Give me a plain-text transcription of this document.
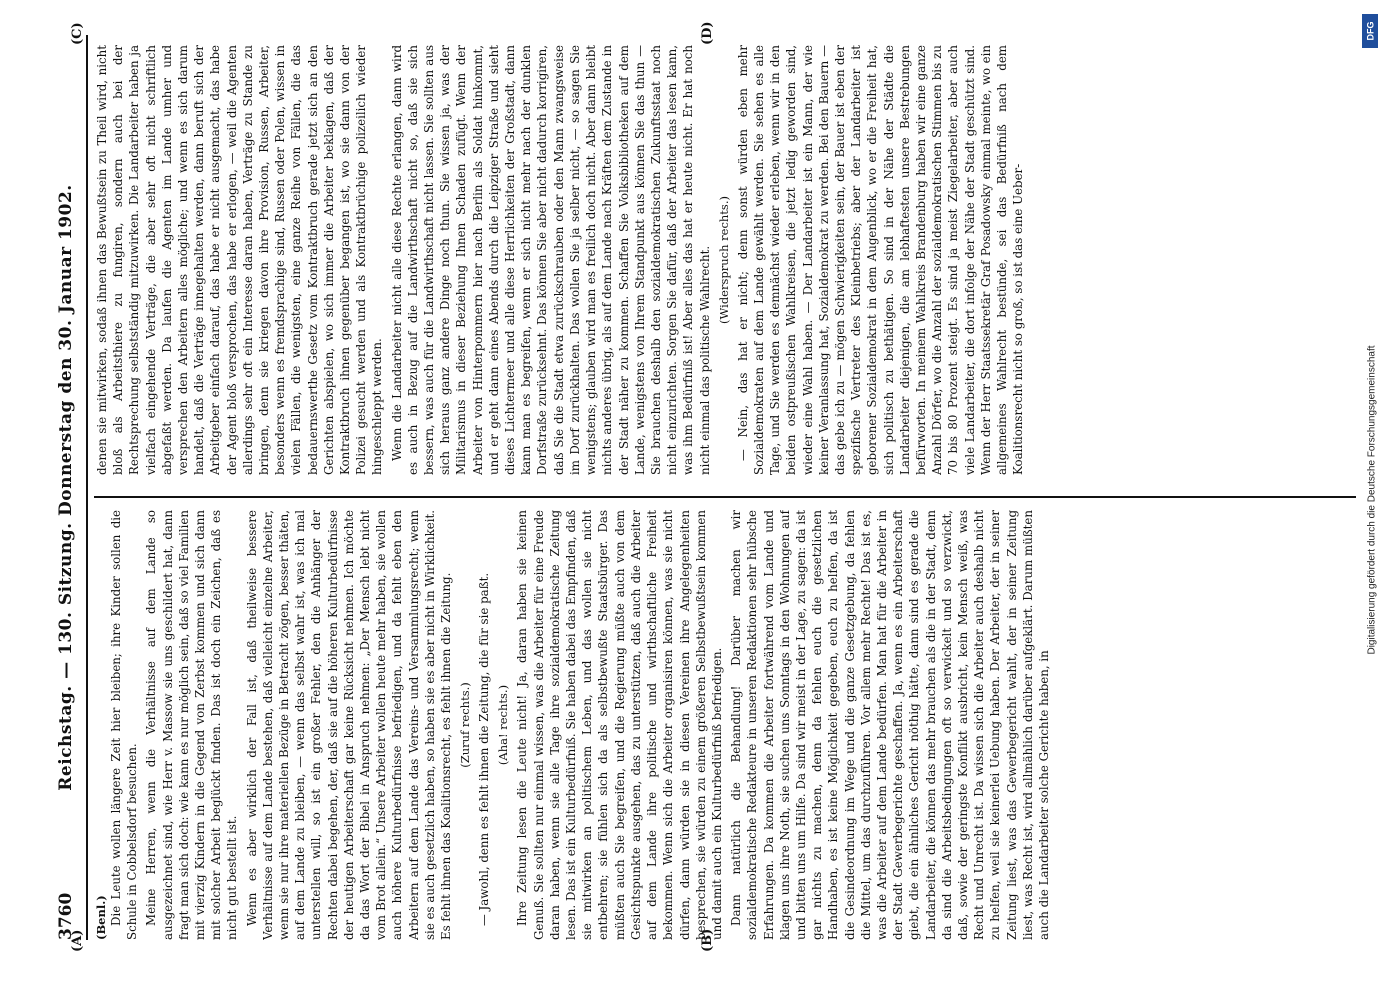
3760
Reichstag. — 130. Sitzung. Donnerstag den 30. Januar 1902.
(Benl.) Die Leute wollen längere Zeit hier bleiben; ihre Kinder sollen die Schule in Cobbelsdorf besuchen. Meine Herren, wenn die Verhältnisse auf dem Lande so ausgezeichnet sind, wie Herr v. Massow sie uns geschildert hat, dann fragt man sich doch: wie kann es nur möglich sein, daß so viel Familien mit vierzig Kindern in die Gegend von Zerbst kommen und sich dann mit solcher Arbeit beglückt finden. Das ist doch ein Zeichen, daß es nicht gut bestellt ist. Wenn es aber wirklich der Fall ist, daß theilweise bessere Verhältnisse auf dem Lande bestehen, daß vielleicht einzelne Arbeiter, wenn sie nur ihre materiellen Bezüge in Betracht zögen, besser thäten, auf dem Lande zu bleiben, — wenn das selbst wahr ist, was ich mal unterstellen will, so ist ein großer Fehler, den die Anhänger der Rechten dabei begehen, der, daß sie auf die höheren Kulturbedürfnisse der heutigen Arbeiterschaft gar keine Rücksicht nehmen. Ich möchte da das Wort der Bibel in Anspruch nehmen: „Der Mensch lebt nicht vom Brot allein.“ Unsere Arbeiter wollen heute mehr haben, sie wollen auch höhere Kulturbedürfnisse befriedigen, und da fehlt eben den Arbeitern auf dem Lande das Vereins- und Versammlungsrecht; wenn sie es auch gesetzlich haben, so haben sie es aber nicht in Wirklichkeit. Es fehlt ihnen das Koalitionsrecht, es fehlt ihnen die Zeitung. (Zuruf rechts.) — Jawohl, denn es fehlt ihnen die Zeitung, die für sie paßt. (Aha! rechts.) Ihre Zeitung lesen die Leute nicht! Ja, daran haben sie keinen Genuß. Sie sollten nur einmal wissen, was die Arbeiter für eine Freude daran haben, wenn sie alle Tage ihre sozialdemokratische Zeitung lesen. Das ist ein Kulturbedürfniß. Sie haben dabei das Empfinden, daß sie mitwirken an politischem Leben, und das wollen sie nicht entbehren; sie fühlen sich da als selbstbewußte Staatsbürger. Das müßten auch Sie begreifen, und die Regierung müßte auch von dem Gesichtspunkte ausgehen, das zu unterstützen, daß auch die Arbeiter auf dem Lande ihre politische und wirthschaftliche Freiheit bekommen. Wenn sich die Arbeiter organisiren können, was sie nicht dürfen, dann würden sie in diesen Vereinen ihre Angelegenheiten besprechen, sie würden zu einem größeren Selbstbewußtsein kommen und damit auch ein Kulturbedürfniß befriedigen. Dann natürlich die Behandlung! Darüber machen wir sozialdemokratische Redakteure in unseren Redaktionen sehr hübsche Erfahrungen. Da kommen die Arbeiter fortwährend vom Lande und klagen uns ihre Noth, sie suchen uns Sonntags in den Wohnungen auf und bitten uns um Hilfe. Da sind wir meist in der Lage, zu sagen: da ist gar nichts zu machen, denn da fehlen euch die gesetzlichen Handhaben, es ist keine Möglichkeit gegeben, euch zu helfen, da ist die Gesindeordnung im Wege und die ganze Gesetzgebung, da fehlen die Mittel, um das durchzuführen. Vor allem mehr Rechte! Das ist es, was die Arbeiter auf dem Lande bedürfen. Man hat für die Arbeiter in der Stadt Gewerbegerichte geschaffen. Ja, wenn es ein Arbeiterschaft giebt, die ein ähnliches Gericht nöthig hätte, dann sind es gerade die Landarbeiter, die können das mehr brauchen als die in der Stadt, denn da sind die Arbeitsbedingungen oft so verwickelt und so verzwickt, daß, sowie der geringste Konflikt ausbricht, kein Mensch weiß, was Recht und Unrecht ist. Da wissen sich die Arbeiter auch deshalb nicht zu helfen, weil sie keinerlei Uebung haben. Der Arbeiter, der in seiner Zeitung liest, was das Gewerbegericht wahlt, der in seiner Zeitung liest, was Recht ist, wird allmählich darüber aufgeklärt. Darum müßten auch die Landarbeiter solche Gerichte haben, in

denen sie mitwirken, sodaß ihnen das Bewußtsein zu Theil wird, nicht bloß als Arbeitsthiere zu fungiren, sondern auch bei der Rechtsprechung selbstständig mitzuwirken. Die Landarbeiter haben ja vielfach eingehende Verträge, die aber sehr oft nicht schriftlich abgefaßt werden. Da laufen die Agenten im Lande umher und versprechen den Arbeitern alles mögliche; und wenn es sich darum handelt, daß die Verträge innegehalten werden, dann beruft sich der Arbeitgeber einfach darauf, das habe er nicht ausgemacht, das habe der Agent bloß versprochen, das habe er erlogen, — weil die Agenten allerdings sehr oft ein Interesse daran haben, Verträge zu Stande zu bringen, denn sie kriegen davon ihre Provision, Russen, Arbeiter, besonders wenn es fremdsprachige sind, Russen oder Polen, wissen in vielen Fällen, die wenigsten, eine ganze Reihe von Fällen, die das bedauernswerthe Gesetz vom Kontraktbruch gerade jetzt sich an den Gerichten abspielen, wo sich immer die Arbeiter beklagen, daß der Kontraktbruch ihnen gegenüber begangen ist, wo sie dann von der Polizei gesucht werden und als Kontraktbrüchige polizeilich wieder hingeschleppt werden. Wenn die Landarbeiter nicht alle diese Rechte erlangen, dann wird es auch in Bezug auf die Landwirthschaft nicht so, daß sie sich bessern, was auch für die Landwirthschaft nicht lassen. Sie sollten aus sich heraus ganz andere Dinge noch thun. Sie wissen ja, was der Militarismus in dieser Beziehung Ihnen Schaden zufügt. Wenn der Arbeiter von Hinterpommern hier nach Berlin als Soldat hinkommt, und er geht dann eines Abends durch die Leipziger Straße und sieht dieses Lichtermeer und alle diese Herrlichkeiten der Großstadt, dann kann man es begreifen, wenn er sich nicht mehr nach der dunklen Dorfstraße zurücksehnt. Das können Sie aber nicht dadurch korrigiren, daß Sie die Stadt etwa zurückschrauben oder den Mann zwangsweise im Dorf zurückhalten. Das wollen Sie ja selber nicht, — so sagen Sie wenigstens; glauben wird man es freilich doch nicht. Aber dann bleibt nichts anderes übrig, als auf dem Lande nach Kräften dem Zustande in der Stadt näher zu kommen. Schaffen Sie Volksbibliotheken auf dem Lande, wenigstens von Ihrem Standpunkt aus können Sie das thun — Sie brauchen deshalb den sozialdemokratischen Zukunftsstaat noch nicht einzurichten. Sorgen Sie dafür, daß der Arbeiter das lesen kann, was ihm Bedürfniß ist! Aber alles das hat er heute nicht. Er hat noch nicht einmal das politische Wahlrecht. (Widerspruch rechts.) — Nein, das hat er nicht; denn sonst würden eben mehr Sozialdemokraten auf dem Lande gewählt werden. Sie sehen es alle Tage, und Sie werden es demnächst wieder erleben, wenn wir in den beiden ostpreußischen Wahlkreisen, die jetzt ledig geworden sind, wieder eine Wahl haben. — Der Landarbeiter ist ein Mann, der wie keiner Veranlassung hat, Sozialdemokrat zu werden. Bei den Bauern — das gebe ich zu — mögen Schwierigkeiten sein, der Bauer ist eben der spezifische Vertreter des Kleinbetriebs; aber der Landarbeiter ist geborener Sozialdemokrat in dem Augenblick, wo er die Freiheit hat, sich politisch zu bethätigen. So sind in der Nähe der Städte die Landarbeiter diejenigen, die am lebhaftesten unsere Bestrebungen befürworten. In meinem Wahlkreis Brandenburg haben wir eine ganze Anzahl Dörfer, wo die Anzahl der sozialdemokratischen Stimmen bis zu 70 bis 80 Prozent steigt. Es sind ja meist Ziegelarbeiter, aber auch viele Landarbeiter, die dort infolge der Nähe der Stadt geschützt sind. Wenn der Herr Staatssekretär Graf Posadowsky einmal meinte, wo ein allgemeines Wahlrecht bestünde, sei das Bedürfniß nach dem Koalitionsrecht nicht so groß, so ist das eine Ueber-

(A)	(B)
(C)	(D)
Digitalisierung gefördert durch die Deutsche Forschungsgemeinschaft
DFG
